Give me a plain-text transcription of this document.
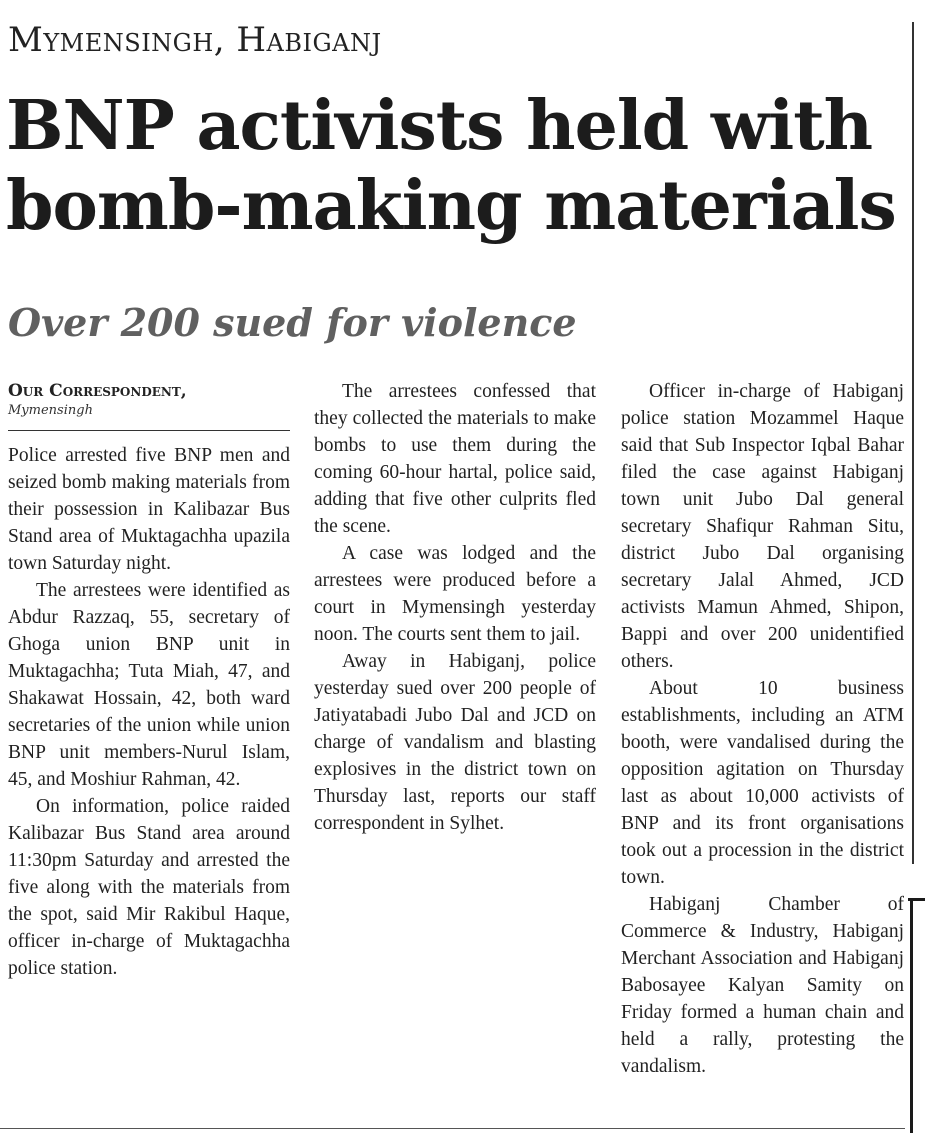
Mymensingh, Habiganj
BNP activists held with bomb-making materials
Over 200 sued for violence
Our Correspondent,
Mymensingh

Police arrested five BNP men and seized bomb making materials from their possession in Kalibazar Bus Stand area of Muktagachha upazila town Saturday night.

The arrestees were identified as Abdur Razzaq, 55, secretary of Ghoga union BNP unit in Muktagachha; Tuta Miah, 47, and Shakawat Hossain, 42, both ward secretaries of the union while union BNP unit members-Nurul Islam, 45, and Moshiur Rahman, 42.

On information, police raided Kalibazar Bus Stand area around 11:30pm Saturday and arrested the five along with the materials from the spot, said Mir Rakibul Haque, officer in-charge of Muktagachha police station.

The arrestees confessed that they collected the materials to make bombs to use them during the coming 60-hour hartal, police said, adding that five other culprits fled the scene.

A case was lodged and the arrestees were produced before a court in Mymensingh yesterday noon. The courts sent them to jail.

Away in Habiganj, police yesterday sued over 200 people of Jatiyatabadi Jubo Dal and JCD on charge of vandalism and blasting explosives in the district town on Thursday last, reports our staff correspondent in Sylhet.

Officer in-charge of Habiganj police station Mozammel Haque said that Sub Inspector Iqbal Bahar filed the case against Habiganj town unit Jubo Dal general secretary Shafiqur Rahman Situ, district Jubo Dal organising secretary Jalal Ahmed, JCD activists Mamun Ahmed, Shipon, Bappi and over 200 unidentified others.

About 10 business establishments, including an ATM booth, were vandalised during the opposition agitation on Thursday last as about 10,000 activists of BNP and its front organisations took out a procession in the district town.

Habiganj Chamber of Commerce & Industry, Habiganj Merchant Association and Habiganj Babosayee Kalyan Samity on Friday formed a human chain and held a rally, protesting the vandalism.
